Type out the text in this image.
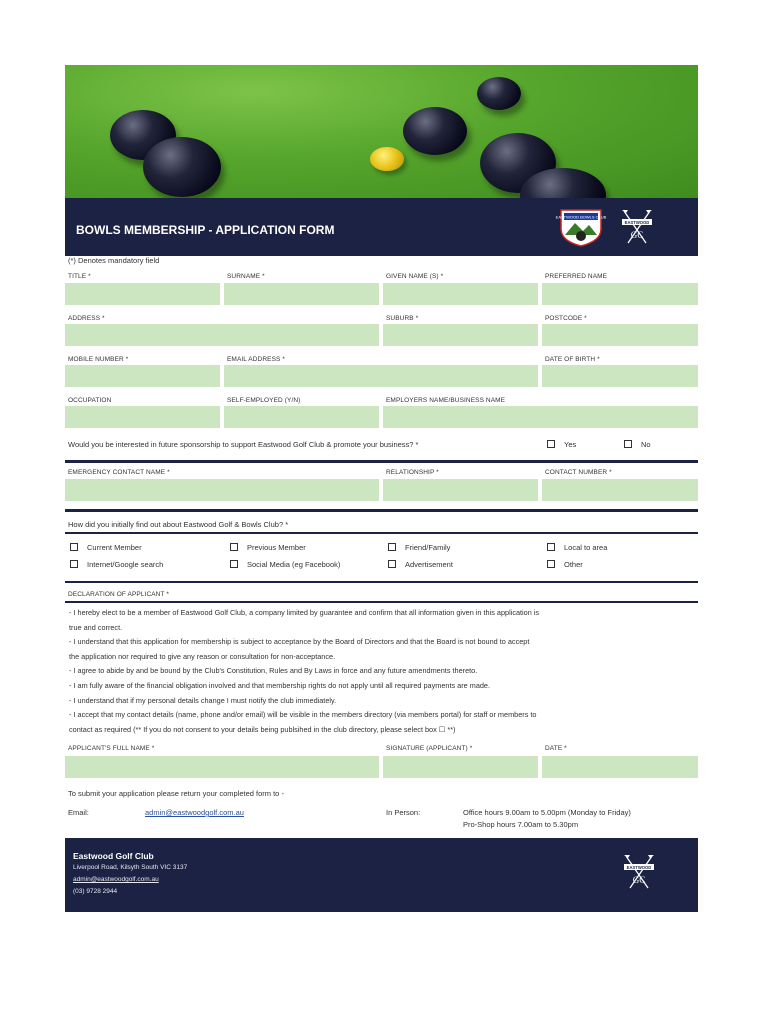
BOWLS MEMBERSHIP - APPLICATION FORM
EASTWOOD BOWLS CLUB
EASTWOOD
GC
(*) Denotes mandatory field
TITLE *	SURNAME *	GIVEN NAME (S) *	PREFERRED NAME
ADDRESS *	SUBURB *	POSTCODE *
MOBILE NUMBER *	EMAIL ADDRESS *	DATE OF BIRTH *
OCCUPATION	SELF-EMPLOYED (Y/N)	EMPLOYERS NAME/BUSINESS NAME
Would you be interested in future sponsorship to support Eastwood Golf Club & promote your business? *	Yes	No
EMERGENCY CONTACT NAME *	RELATIONSHIP *	CONTACT NUMBER *
How did you initially find out about Eastwood Golf & Bowls Club? *
Current Member	Previous Member	Friend/Family	Local to area
Internet/Google search	Social Media (eg Facebook)	Advertisement	Other
DECLARATION OF APPLICANT *
- I hereby elect to be a member of Eastwood Golf Club, a company limited by guarantee and confirm that all information given in this application is
true and correct.
- I understand that this application for membership is subject to acceptance by the Board of Directors and that the Board is not bound to accept
the application nor required to give any reason or consultation for non-acceptance.
- I agree to abide by and be bound by the Club's Constitution, Rules and By Laws in force and any future amendments thereto.
- I am fully aware of the financial obligation involved and that membership rights do not apply until all required payments are made.
- I understand that if my personal details change I must notify the club immediately.
- I accept that my contact details (name, phone and/or email) will be visible in the members directory (via members portal) for staff or members to
contact as required (** If you do not consent to your details being publsihed in the club directory, please select box ☐ **)
APPLICANT'S FULL NAME *	SIGNATURE (APPLICANT) *	DATE *
To submit your application please return your completed form to -
Email:	admin@eastwoodgolf.com.au	In Person:	Office hours 9.00am to 5.00pm (Monday to Friday)
Pro-Shop hours 7.00am to 5.30pm
Eastwood Golf Club
Liverpool Road, Kilsyth South VIC 3137
admin@eastwoodgolf.com.au
(03) 9728 2944
EASTWOOD
GC
